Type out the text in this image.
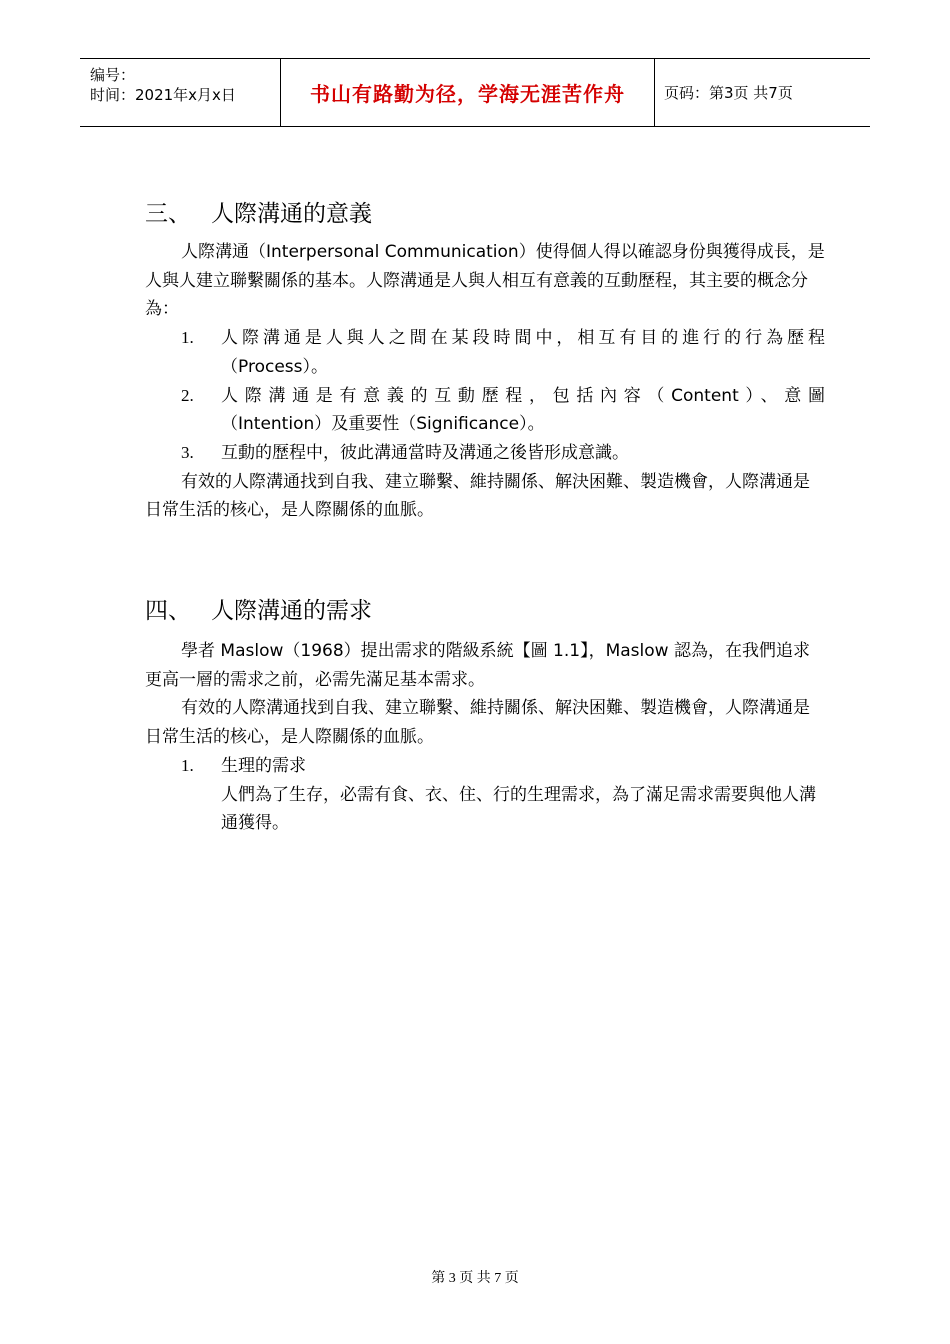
编号：
时间：2021年x月x日	书山有路勤为径，学海无涯苦作舟	页码：第3页 共7页
三、 人際溝通的意義

人際溝通（Interpersonal Communication）使得個人得以確認身份與獲得成長，是人與人建立聯繫關係的基本。人際溝通是人與人相互有意義的互動歷程，其主要的概念分為：

1.	人際溝通是人與人之間在某段時間中，相互有目的進行的行為歷程
（Process）。
2.	人際溝通是有意義的互動歷程，包括內容（Content）、意圖
（Intention）及重要性（Significance）。
3.	互動的歷程中，彼此溝通當時及溝通之後皆形成意識。

有效的人際溝通找到自我、建立聯繫、維持關係、解決困難、製造機會，人際溝通是日常生活的核心，是人際關係的血脈。

四、 人際溝通的需求

學者 Maslow（1968）提出需求的階級系統【圖 1.1】，Maslow 認為，在我們追求更高一層的需求之前，必需先滿足基本需求。

有效的人際溝通找到自我、建立聯繫、維持關係、解決困難、製造機會，人際溝通是日常生活的核心，是人際關係的血脈。

1.	生理的需求
人們為了生存，必需有食、衣、住、行的生理需求，為了滿足需求需要與他人溝通獲得。
第 3 页 共 7 页
